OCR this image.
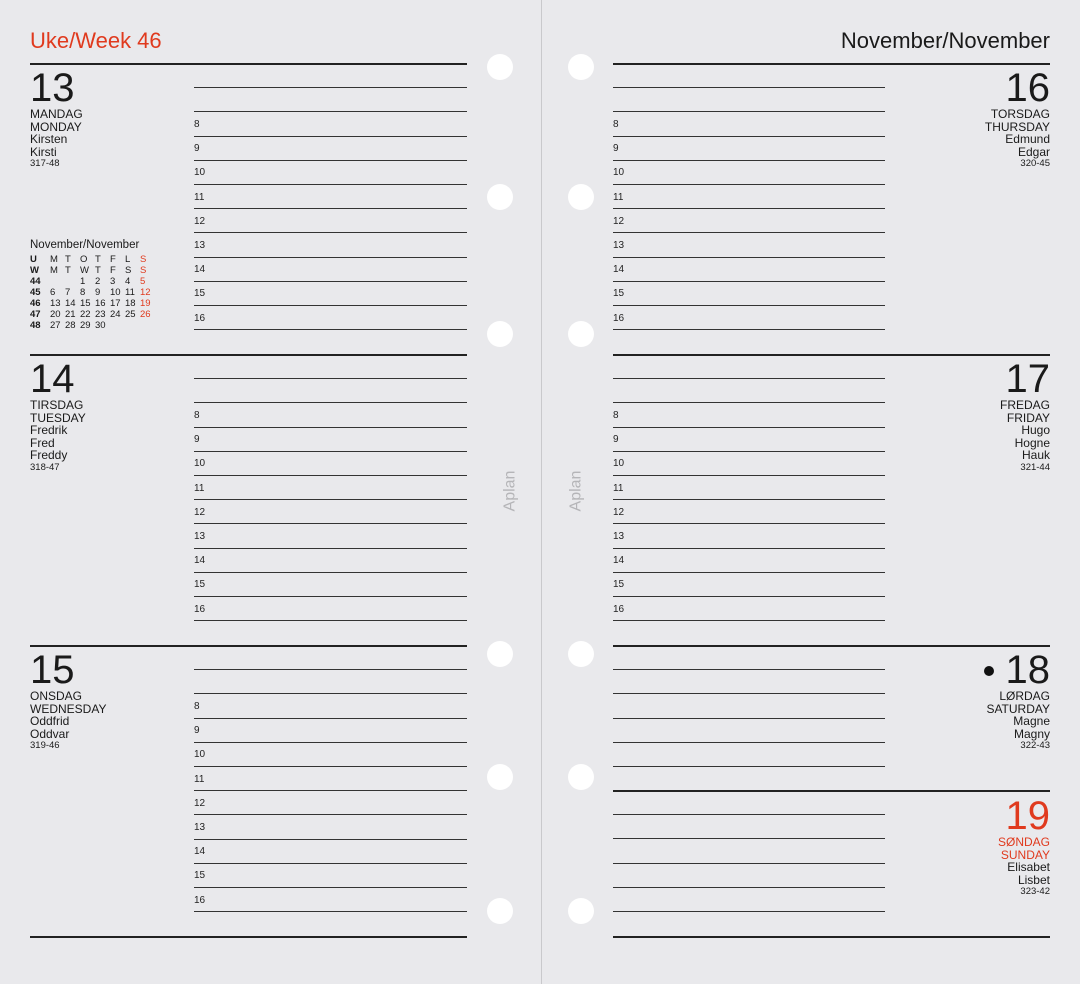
Uke/Week 46	November/November
Aplan	Aplan
8
9
10
11
12
13
14
15
16
8
9
10
11
12
13
14
15
16
8
9
10
11
12
13
14
15
16
8
9
10
11
12
13
14
15
16
8
9
10
11
12
13
14
15
16
13
MANDAG
MONDAY
Kirsten
Kirsti
317-48
14
TIRSDAG
TUESDAY
Fredrik
Fred
Freddy
318-47
15
ONSDAG
WEDNESDAY
Oddfrid
Oddvar
319-46
16
TORSDAG
THURSDAY
Edmund
Edgar
320-45
17
FREDAG
FRIDAY
Hugo
Hogne
Hauk
321-44
18
LØRDAG
SATURDAY
Magne
Magny
322-43
19
SØNDAG
SUNDAY
Elisabet
Lisbet
323-42
November/November
U	M	T	O	T	F	L	S
W	M	T	W	T	F	S	S
44			1	2	3	4	5
45	6	7	8	9	10	11	12
46	13	14	15	16	17	18	19
47	20	21	22	23	24	25	26
48	27	28	29	30			
